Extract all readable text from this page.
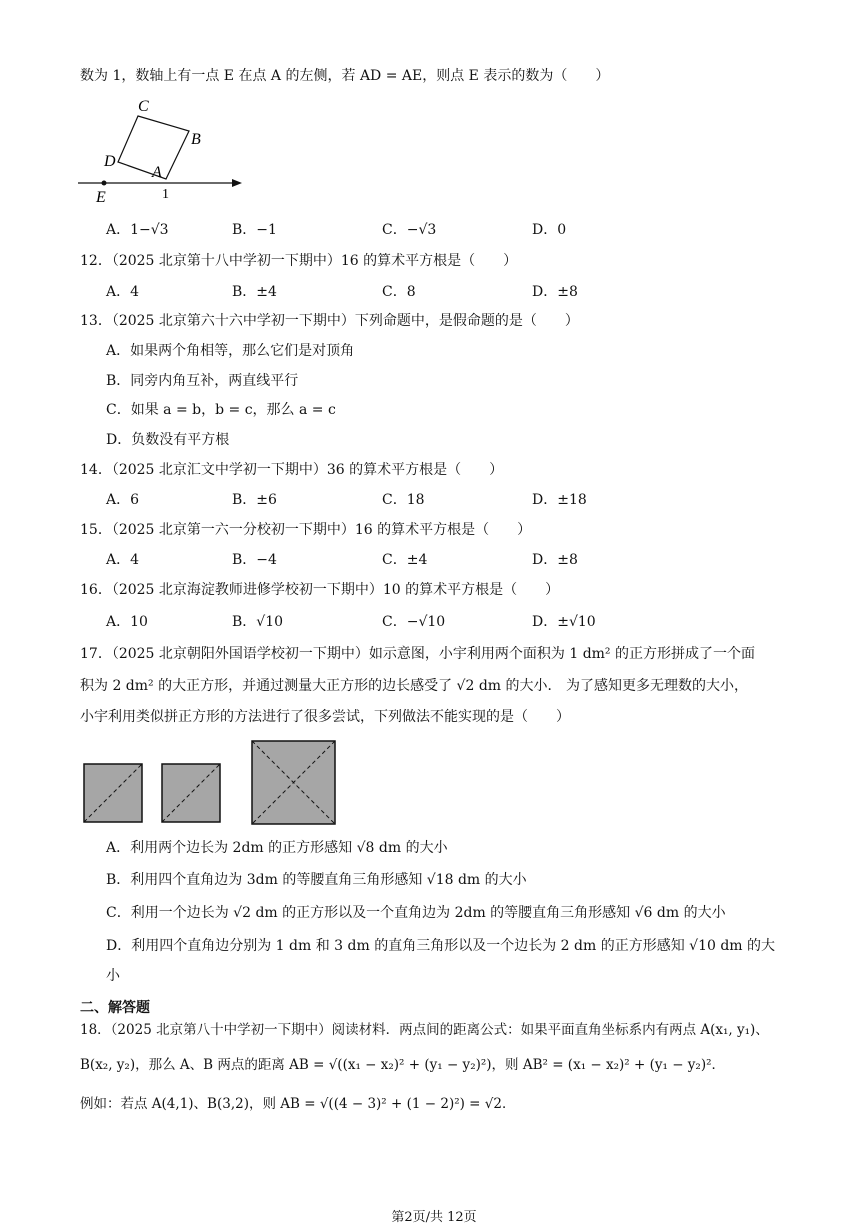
数为 1，数轴上有一点 E 在点 A 的左侧，若 AD = AE，则点 E 表示的数为（　　）
C
B
D
A
E	1
A．1−√3	B．−1	C．−√3	D．0
12．（2025 北京第十八中学初一下期中）16 的算术平方根是（　　）
A．4	B．±4	C．8	D．±8
13．（2025 北京第六十六中学初一下期中）下列命题中，是假命题的是（　　）
A．如果两个角相等，那么它们是对顶角
B．同旁内角互补，两直线平行
C．如果 a = b，b = c，那么 a = c
D．负数没有平方根
14．（2025 北京汇文中学初一下期中）36 的算术平方根是（　　）
A．6	B．±6	C．18	D．±18
15．（2025 北京第一六一分校初一下期中）16 的算术平方根是（　　）
A．4	B．−4	C．±4	D．±8
16．（2025 北京海淀教师进修学校初一下期中）10 的算术平方根是（　　）
A．10	B．√10	C．−√10	D．±√10
17．（2025 北京朝阳外国语学校初一下期中）如示意图，小宇利用两个面积为 1 dm² 的正方形拼成了一个面
积为 2 dm² 的大正方形，并通过测量大正方形的边长感受了 √2 dm 的大小． 为了感知更多无理数的大小，
小宇利用类似拼正方形的方法进行了很多尝试，下列做法不能实现的是（　　）
A．利用两个边长为 2dm 的正方形感知 √8 dm 的大小
B．利用四个直角边为 3dm 的等腰直角三角形感知 √18 dm 的大小
C．利用一个边长为 √2 dm 的正方形以及一个直角边为 2dm 的等腰直角三角形感知 √6 dm 的大小
D．利用四个直角边分别为 1 dm 和 3 dm 的直角三角形以及一个边长为 2 dm 的正方形感知 √10 dm 的大
小
二、解答题
18．（2025 北京第八十中学初一下期中）阅读材料．两点间的距离公式：如果平面直角坐标系内有两点 A(x₁, y₁)、
B(x₂, y₂)，那么 A、B 两点的距离 AB = √((x₁ − x₂)² + (y₁ − y₂)²)，则 AB² = (x₁ − x₂)² + (y₁ − y₂)²．
例如：若点 A(4,1)、B(3,2)，则 AB = √((4 − 3)² + (1 − 2)²) = √2．
第2页/共 12页
